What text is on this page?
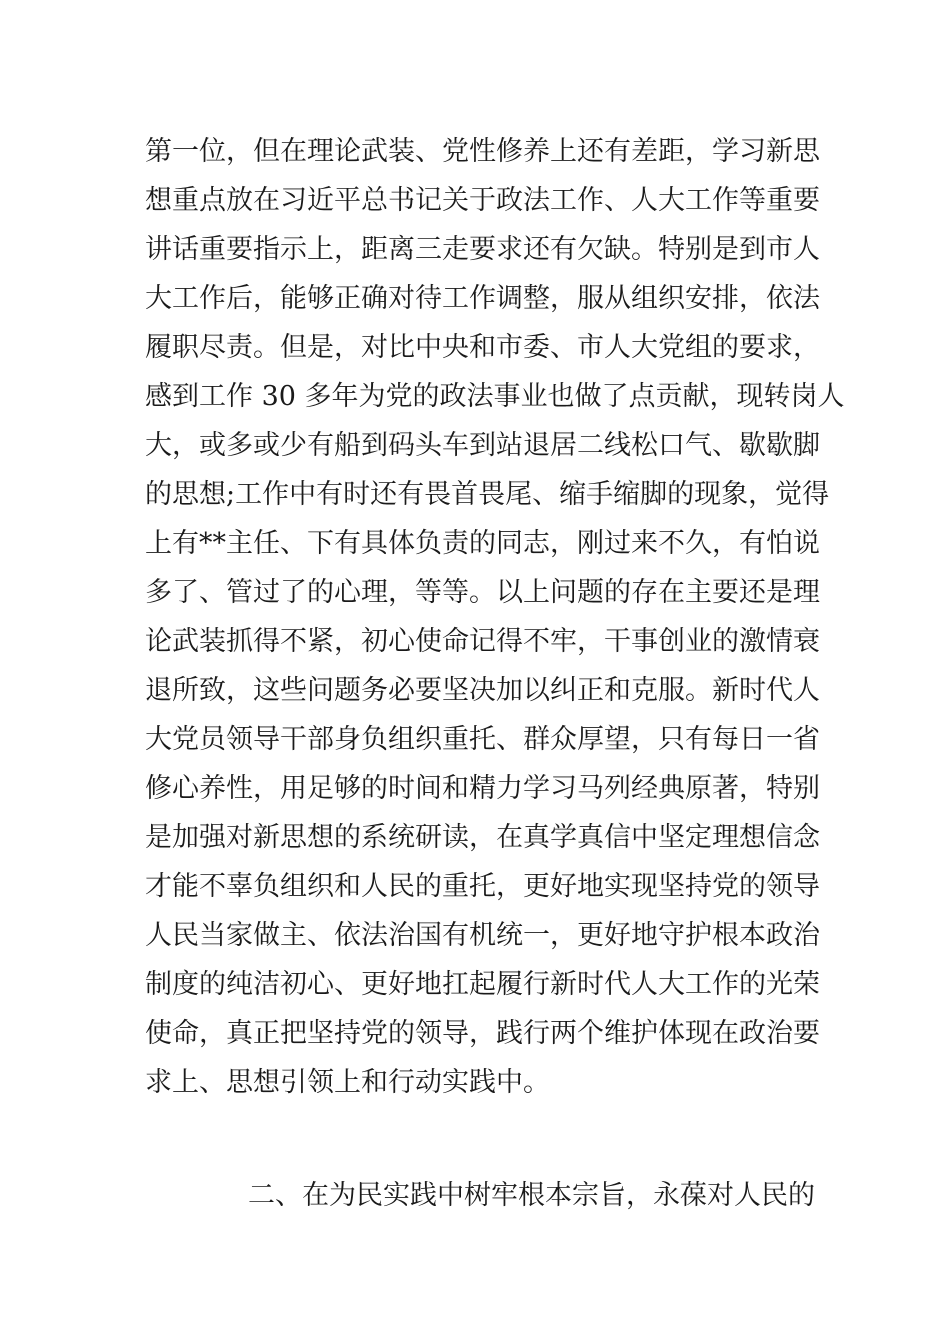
第一位，但在理论武装、党性修养上还有差距，学习新思
想重点放在习近平总书记关于政法工作、人大工作等重要
讲话重要指示上，距离三走要求还有欠缺。特别是到市人
大工作后，能够正确对待工作调整，服从组织安排，依法
履职尽责。但是，对比中央和市委、市人大党组的要求，
感到工作 30 多年为党的政法事业也做了点贡献，现转岗人
大，或多或少有船到码头车到站退居二线松口气、歇歇脚
的思想;工作中有时还有畏首畏尾、缩手缩脚的现象，觉得
上有**主任、下有具体负责的同志，刚过来不久，有怕说
多了、管过了的心理，等等。以上问题的存在主要还是理
论武装抓得不紧，初心使命记得不牢，干事创业的激情衰
退所致，这些问题务必要坚决加以纠正和克服。新时代人
大党员领导干部身负组织重托、群众厚望，只有每日一省
修心养性，用足够的时间和精力学习马列经典原著，特别
是加强对新思想的系统研读，在真学真信中坚定理想信念
才能不辜负组织和人民的重托，更好地实现坚持党的领导
人民当家做主、依法治国有机统一，更好地守护根本政治
制度的纯洁初心、更好地扛起履行新时代人大工作的光荣
使命，真正把坚持党的领导，践行两个维护体现在政治要
求上、思想引领上和行动实践中。
二、在为民实践中树牢根本宗旨，永葆对人民的
